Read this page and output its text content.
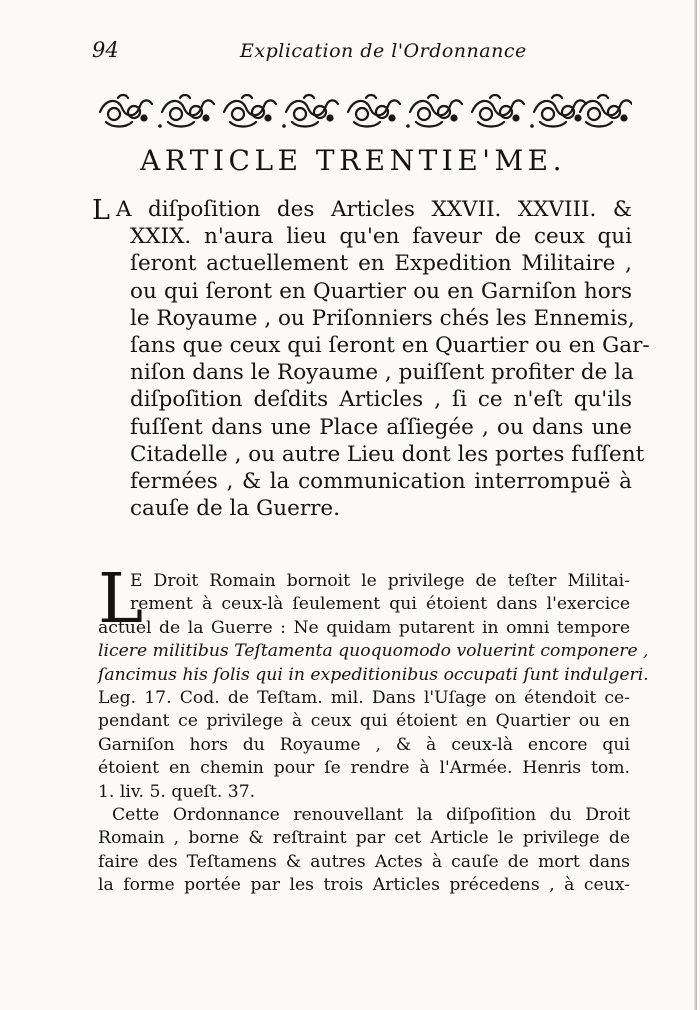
94	Explication de l'Ordonnance
ARTICLE TRENTIE'ME.
L A diſpoſition des Articles XXVII. XXVIII. &
XXIX. n'aura lieu qu'en faveur de ceux qui
ſeront actuellement en Expedition Militaire ,
ou qui ſeront en Quartier ou en Garniſon hors
le Royaume , ou Priſonniers chés les Ennemis,
ſans que ceux qui ſeront en Quartier ou en Gar-
niſon dans le Royaume , puiſſent profiter de la
diſpoſition deſdits Articles , ſi ce n'eſt qu'ils
fuſſent dans une Place aſſiegée , ou dans une
Citadelle , ou autre Lieu dont les portes fuſſent
fermées , & la communication interrompuë à
cauſe de la Guerre.
L
E Droit Romain bornoit le privilege de teſter Militai-
rement à ceux-là ſeulement qui étoient dans l'exercice
actuel de la Guerre : Ne quidam putarent in omni tempore
licere militibus Teſtamenta quoquomodo voluerint componere ,
ſancimus his ſolis qui in expeditionibus occupati ſunt indulgeri.
Leg. 17. Cod. de Teſtam. mil. Dans l'Uſage on étendoit ce-
pendant ce privilege à ceux qui étoient en Quartier ou en
Garniſon hors du Royaume , & à ceux-là encore qui
étoient en chemin pour ſe rendre à l'Armée. Henris tom.
1. liv. 5. queſt. 37.
Cette Ordonnance renouvellant la diſpoſition du Droit
Romain , borne & reſtraint par cet Article le privilege de
faire des Teſtamens & autres Actes à cauſe de mort dans
la forme portée par les trois Articles précedens , à ceux-
